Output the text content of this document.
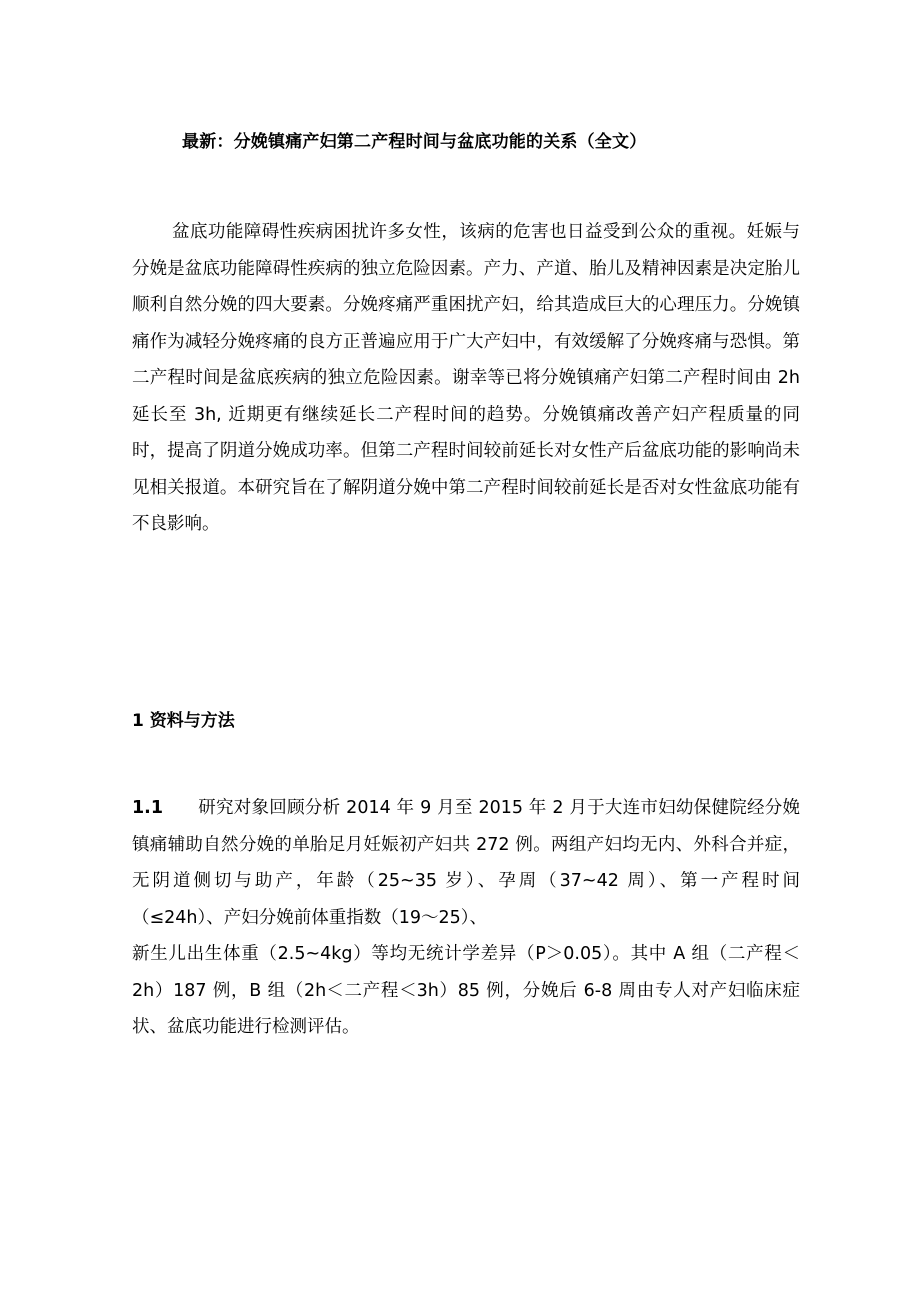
最新：分娩镇痛产妇第二产程时间与盆底功能的关系（全文）

盆底功能障碍性疾病困扰许多女性，该病的危害也日益受到公众的重视。妊娠与分娩是盆底功能障碍性疾病的独立危险因素。产力、产道、胎儿及精神因素是决定胎儿顺利自然分娩的四大要素。分娩疼痛严重困扰产妇，给其造成巨大的心理压力。分娩镇痛作为减轻分娩疼痛的良方正普遍应用于广大产妇中，有效缓解了分娩疼痛与恐惧。第二产程时间是盆底疾病的独立危险因素。谢幸等已将分娩镇痛产妇第二产程时间由 2h 延长至 3h, 近期更有继续延长二产程时间的趋势。分娩镇痛改善产妇产程质量的同时，提高了阴道分娩成功率。但第二产程时间较前延长对女性产后盆底功能的影响尚未见相关报道。本研究旨在了解阴道分娩中第二产程时间较前延长是否对女性盆底功能有不良影响。

1 资料与方法

1.1 研究对象回顾分析 2014 年 9 月至 2015 年 2 月于大连市妇幼保健院经分娩镇痛辅助自然分娩的单胎足月妊娠初产妇共 272 例。两组产妇均无内、外科合并症， 无阴道侧切与助产，年龄（25~35 岁）、孕周（37~42 周）、第一产程时间（≤24h）、产妇分娩前体重指数（19～25）、
新生儿出生体重（2.5~4kg）等均无统计学差异（P＞0.05）。其中 A 组（二产程＜2h）187 例，B 组（2h＜二产程＜3h）85 例，分娩后 6-8 周由专人对产妇临床症状、盆底功能进行检测评估。
